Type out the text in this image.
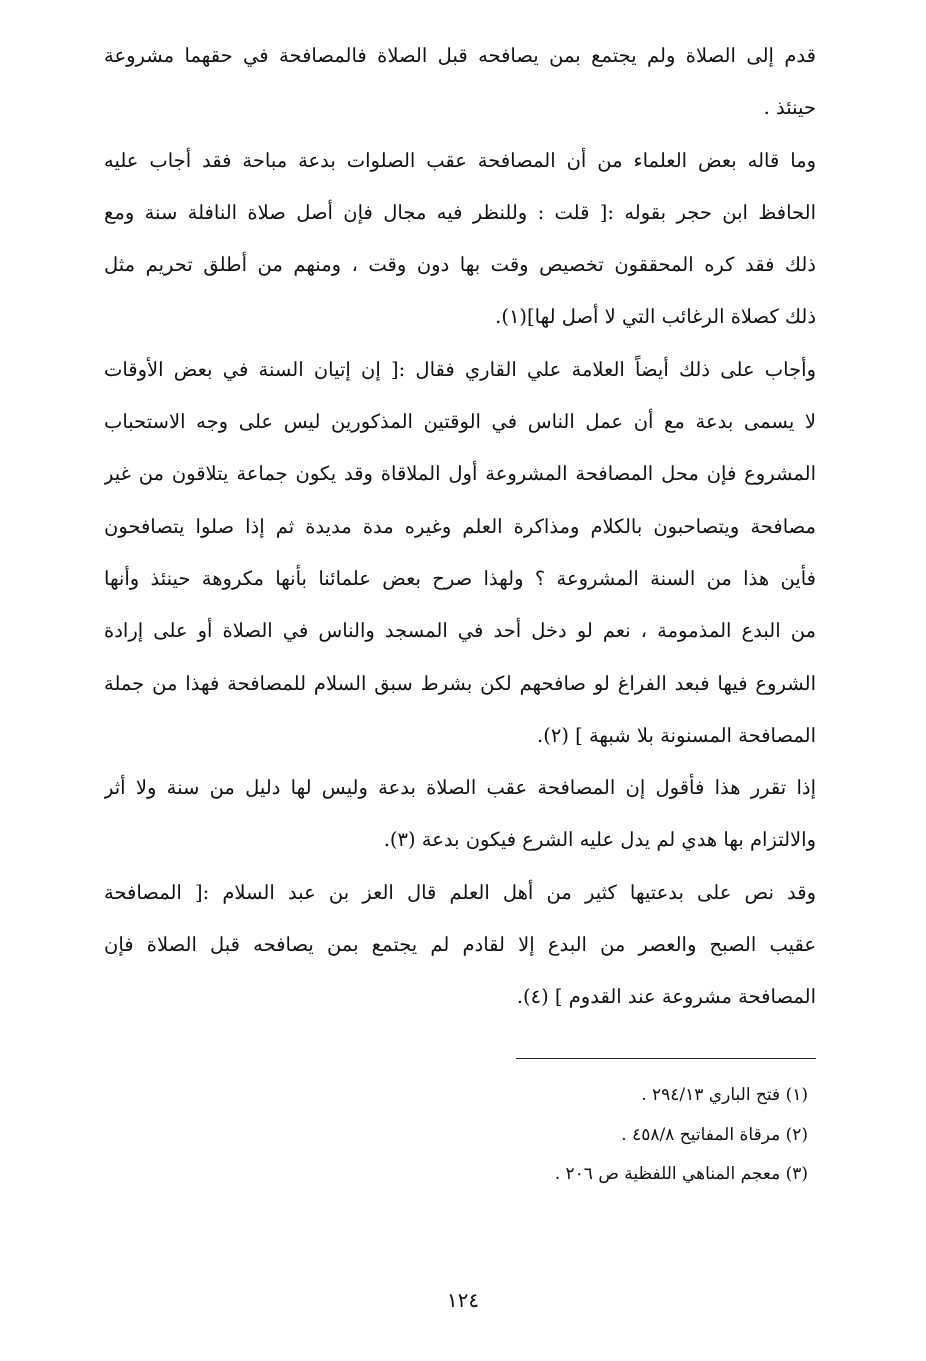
قدم إلى الصلاة ولم يجتمع بمن يصافحه قبل الصلاة فالمصافحة في حقهما مشروعة
حينئذ .
وما قاله بعض العلماء من أن المصافحة عقب الصلوات بدعة مباحة فقد أجاب عليه
الحافظ ابن حجر بقوله :[ قلت : وللنظر فيه مجال فإن أصل صلاة النافلة سنة ومع
ذلك فقد كره المحققون تخصيص وقت بها دون وقت ، ومنهم من أطلق تحريم مثل
ذلك كصلاة الرغائب التي لا أصل لها](١).
وأجاب على ذلك أيضاً العلامة علي القاري فقال :[ إن إتيان السنة في بعض الأوقات
لا يسمى بدعة مع أن عمل الناس في الوقتين المذكورين ليس على وجه الاستحباب
المشروع فإن محل المصافحة المشروعة أول الملاقاة وقد يكون جماعة يتلاقون من غير
مصافحة ويتصاحبون بالكلام ومذاكرة العلم وغيره مدة مديدة ثم إذا صلوا يتصافحون
فأين هذا من السنة المشروعة ؟ ولهذا صرح بعض علمائنا بأنها مكروهة حينئذ وأنها
من البدع المذمومة ، نعم لو دخل أحد في المسجد والناس في الصلاة أو على إرادة
الشروع فيها فبعد الفراغ لو صافحهم لكن بشرط سبق السلام للمصافحة فهذا من جملة
المصافحة المسنونة بلا شبهة ] (٢).
إذا تقرر هذا فأقول إن المصافحة عقب الصلاة بدعة وليس لها دليل من سنة ولا أثر
والالتزام بها هدي لم يدل عليه الشرع فيكون بدعة (٣).
وقد نص على بدعتيها كثير من أهل العلم قال العز بن عبد السلام :[ المصافحة
عقيب الصبح والعصر من البدع إلا لقادم لم يجتمع بمن يصافحه قبل الصلاة فإن
المصافحة مشروعة عند القدوم ] (٤).
(١) فتح الباري ٢٩٤/١٣ .
(٢) مرقاة المفاتيح ٤٥٨/٨ .
(٣) معجم المناهي اللفظية ص ٢٠٦ .
١٢٤
